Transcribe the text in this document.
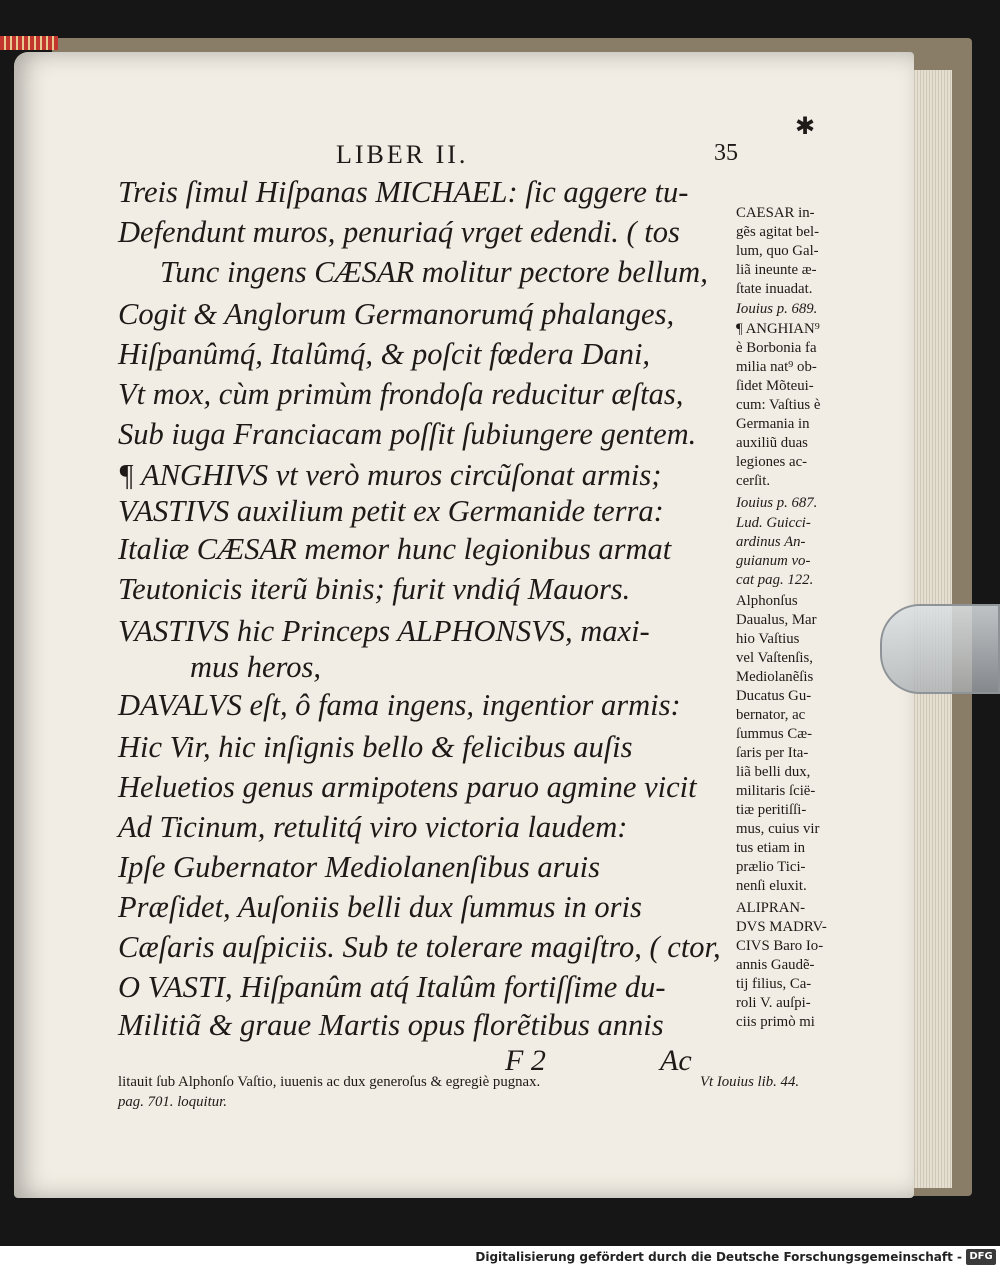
LIBER II.	35
✱

Treis ſimul Hiſpanas MICHAEL: ſic aggere tu-

Defendunt muros, penuriaq́ vrget edendi. ( tos

Tunc ingens CÆSAR molitur pectore bellum,

Cogit & Anglorum Germanorumq́ phalanges,

Hiſpanûmq́, Italûmq́, & poſcit fœdera Dani,

Vt mox, cùm primùm frondoſa reducitur æſtas,

Sub iuga Franciacam poſſit ſubiungere gentem.

¶ ANGHIVS vt verò muros circũſonat armis;

VASTIVS auxilium petit ex Germanide terra:

Italiæ CÆSAR memor hunc legionibus armat

Teutonicis iterũ binis; furit vndiq́ Mauors.

VASTIVS hic Princeps ALPHONSVS, maxi-

mus heros,

DAVALVS eſt, ô fama ingens, ingentior armis:

Hic Vir, hic inſignis bello & felicibus auſis

Heluetios genus armipotens paruo agmine vicit

Ad Ticinum, retulitq́ viro victoria laudem:

Ipſe Gubernator Mediolanenſibus aruis

Præſidet, Auſoniis belli dux ſummus in oris

Cæſaris auſpiciis. Sub te tolerare magiſtro, ( ctor,

O VASTI, Hiſpanûm atq́ Italûm fortiſſime du-

Militiã & graue Martis opus florẽtibus annis

CAESAR in-

gẽs agitat bel-

lum, quo Gal-

liã ineunte æ-

ſtate inuadat.

Iouius p. 689.

¶ ANGHIAN⁹

è Borbonia fa

milia nat⁹ ob-

ſidet Mõteui-

cum: Vaſtius è

Germania in

auxiliũ duas

legiones ac-

cerſit.

Iouius p. 687.

Lud. Guicci-

ardinus An-

guianum vo-

cat pag. 122.

Alphonſus

Daualus, Mar

hio Vaſtius

vel Vaſtenſis,

Mediolanẽſis

Ducatus Gu-

bernator, ac

ſummus Cæ-

ſaris per Ita-

liã belli dux,

militaris ſcië-

tiæ peritiſſi-

mus, cuius vir

tus etiam in

prælio Tici-

nenſi eluxit.

ALIPRAN-

DVS MADRV-

CIVS Baro Io-

annis Gaudẽ-

tij filius, Ca-

roli V. auſpi-

ciis primò mi

F 2	Ac

litauit ſub Alphonſo Vaſtio, iuuenis ac dux generoſus & egregiè pugnax.	Vt Iouius lib. 44.

pag. 701. loquitur.

Digitalisierung gefördert durch die Deutsche Forschungsgemeinschaft - DFG
